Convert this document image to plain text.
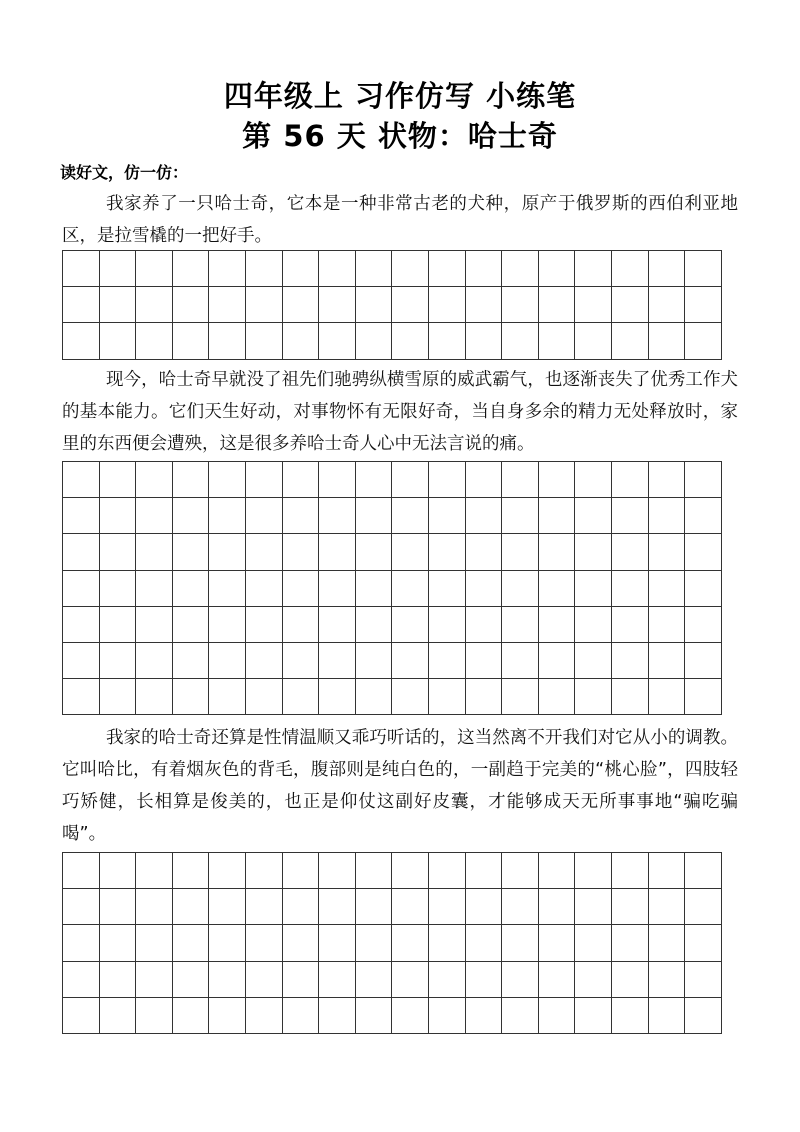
四年级上 习作仿写 小练笔
第 56 天 状物：哈士奇
读好文，仿一仿：

我家养了一只哈士奇，它本是一种非常古老的犬种，原产于俄罗斯的西伯利亚地区，是拉雪橇的一把好手。

现今，哈士奇早就没了祖先们驰骋纵横雪原的威武霸气，也逐渐丧失了优秀工作犬的基本能力。它们天生好动，对事物怀有无限好奇，当自身多余的精力无处释放时，家里的东西便会遭殃，这是很多养哈士奇人心中无法言说的痛。

我家的哈士奇还算是性情温顺又乖巧听话的，这当然离不开我们对它从小的调教。它叫哈比，有着烟灰色的背毛，腹部则是纯白色的，一副趋于完美的“桃心脸”，四肢轻巧矫健，长相算是俊美的，也正是仰仗这副好皮囊，才能够成天无所事事地“骗吃骗喝”。
